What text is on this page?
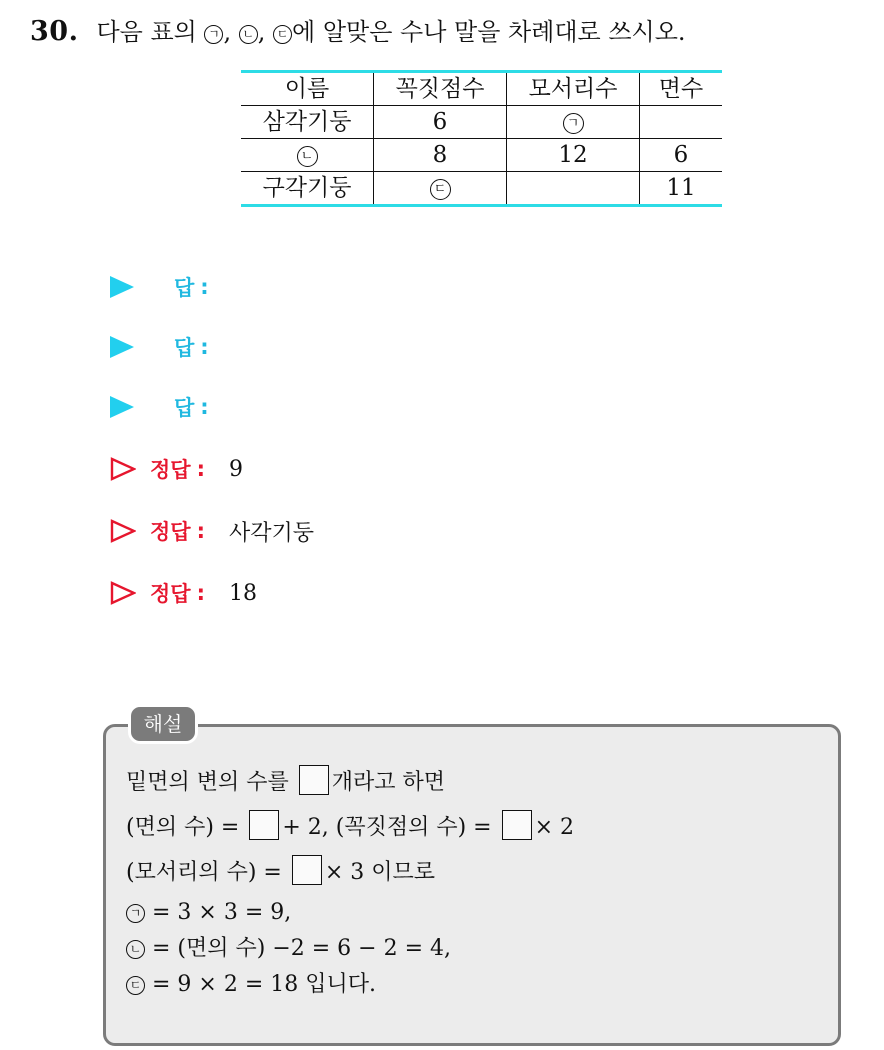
30. 다음 표의 ㄱ , ㄴ , ㄷ 에 알맞은 수나 말을 차례대로 쓰시오.
이름	꼭짓점수	모서리수	면수
삼각기둥	6	ㄱ	
ㄴ	8	12	6
구각기둥	ㄷ		11
답 :
답 :
답 :
정답 : 9
정답 : 사각기둥
정답 : 18
해설
밑면의 변의 수를 개라고 하면
(면의 수) = + 2, (꼭짓점의 수) = × 2
(모서리의 수) = × 3 이므로
ㄱ = 3 × 3 = 9,
ㄴ = (면의 수) −2 = 6 − 2 = 4,
ㄷ = 9 × 2 = 18 입니다.
